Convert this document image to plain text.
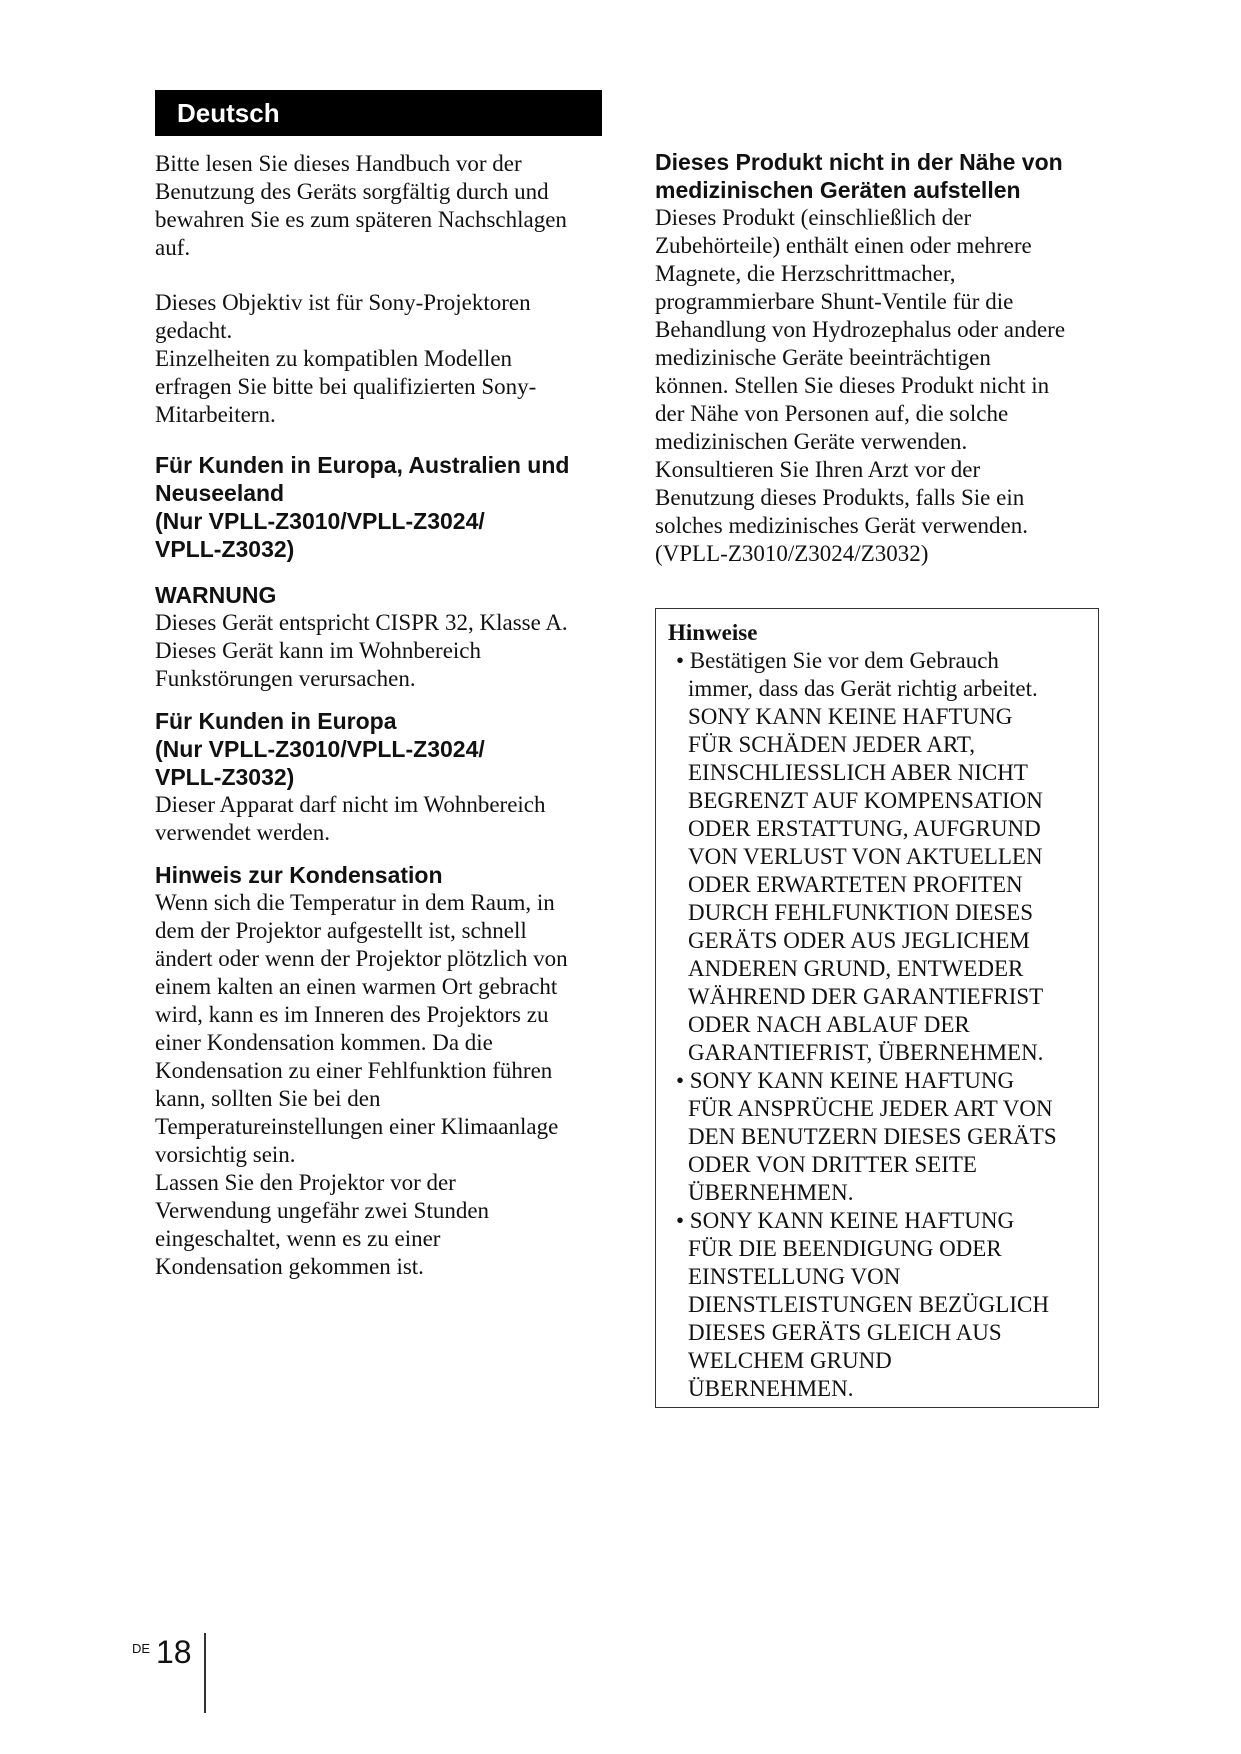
Deutsch

Bitte lesen Sie dieses Handbuch vor der
Benutzung des Geräts sorgfältig durch und
bewahren Sie es zum späteren Nachschlagen
auf.

Dieses Objektiv ist für Sony-Projektoren
gedacht.
Einzelheiten zu kompatiblen Modellen
erfragen Sie bitte bei qualifizierten Sony-
Mitarbeitern.

Für Kunden in Europa, Australien und
Neuseeland
(Nur VPLL-Z3010/VPLL-Z3024/
VPLL-Z3032)

WARNUNG

Dieses Gerät entspricht CISPR 32, Klasse A.
Dieses Gerät kann im Wohnbereich
Funkstörungen verursachen.

Für Kunden in Europa
(Nur VPLL-Z3010/VPLL-Z3024/
VPLL-Z3032)

Dieser Apparat darf nicht im Wohnbereich
verwendet werden.

Hinweis zur Kondensation

Wenn sich die Temperatur in dem Raum, in
dem der Projektor aufgestellt ist, schnell
ändert oder wenn der Projektor plötzlich von
einem kalten an einen warmen Ort gebracht
wird, kann es im Inneren des Projektors zu
einer Kondensation kommen. Da die
Kondensation zu einer Fehlfunktion führen
kann, sollten Sie bei den
Temperatureinstellungen einer Klimaanlage
vorsichtig sein.
Lassen Sie den Projektor vor der
Verwendung ungefähr zwei Stunden
eingeschaltet, wenn es zu einer
Kondensation gekommen ist.

Dieses Produkt nicht in der Nähe von
medizinischen Geräten aufstellen

Dieses Produkt (einschließlich der
Zubehörteile) enthält einen oder mehrere
Magnete, die Herzschrittmacher,
programmierbare Shunt-Ventile für die
Behandlung von Hydrozephalus oder andere
medizinische Geräte beeinträchtigen
können. Stellen Sie dieses Produkt nicht in
der Nähe von Personen auf, die solche
medizinischen Geräte verwenden.
Konsultieren Sie Ihren Arzt vor der
Benutzung dieses Produkts, falls Sie ein
solches medizinisches Gerät verwenden.
(VPLL-Z3010/Z3024/Z3032)

Hinweise

• Bestätigen Sie vor dem Gebrauch
immer, dass das Gerät richtig arbeitet.
SONY KANN KEINE HAFTUNG
FÜR SCHÄDEN JEDER ART,
EINSCHLIESSLICH ABER NICHT
BEGRENZT AUF KOMPENSATION
ODER ERSTATTUNG, AUFGRUND
VON VERLUST VON AKTUELLEN
ODER ERWARTETEN PROFITEN
DURCH FEHLFUNKTION DIESES
GERÄTS ODER AUS JEGLICHEM
ANDEREN GRUND, ENTWEDER
WÄHREND DER GARANTIEFRIST
ODER NACH ABLAUF DER
GARANTIEFRIST, ÜBERNEHMEN.
• SONY KANN KEINE HAFTUNG
FÜR ANSPRÜCHE JEDER ART VON
DEN BENUTZERN DIESES GERÄTS
ODER VON DRITTER SEITE
ÜBERNEHMEN.
• SONY KANN KEINE HAFTUNG
FÜR DIE BEENDIGUNG ODER
EINSTELLUNG VON
DIENSTLEISTUNGEN BEZÜGLICH
DIESES GERÄTS GLEICH AUS
WELCHEM GRUND
ÜBERNEHMEN.
DE 18
